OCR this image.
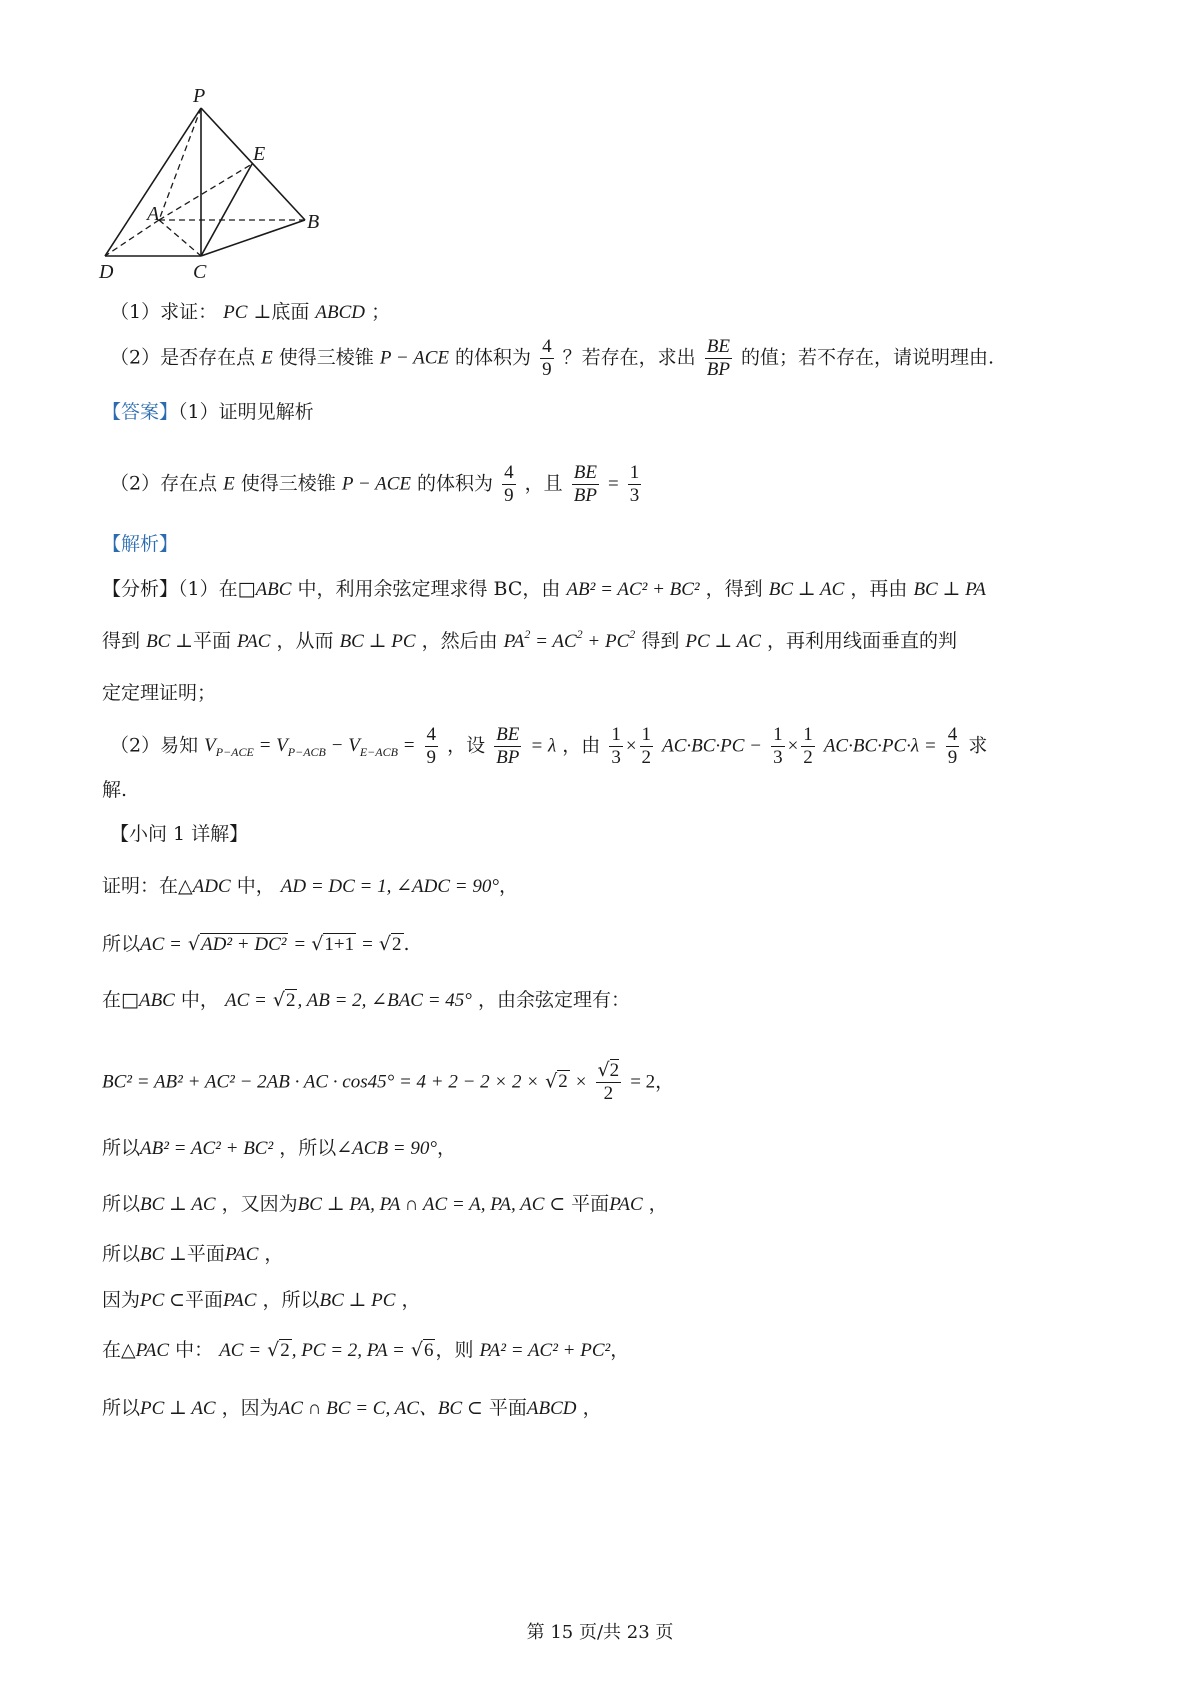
P
E
A	B
D	C
（1）求证： PC ⊥底面 ABCD ；
（2）是否存在点 E 使得三棱锥 P − ACE 的体积为 $\frac{4}{9}$ ？若存在，求出 $\frac{BE}{BP}$ 的值；若不存在，请说明理由.
【答案】（1）证明见解析
（2）存在点 E 使得三棱锥 P − ACE 的体积为 $\frac{4}{9}$ ，且 $\frac{BE}{BP} = \frac{1}{3}$
【解析】
【分析】（1）在□ABC 中，利用余弦定理求得 BC，由 AB² = AC² + BC² ，得到 BC ⊥ AC ，再由 BC ⊥ PA
得到 BC ⊥平面 PAC ，从而 BC ⊥ PC ，然后由 $PA^2 = AC^2 + PC^2$ 得到 PC ⊥ AC ，再利用线面垂直的判
定定理证明；
（2）易知 $V_{P-ACE} = V_{P-ACB} - V_{E-ACB} = \frac{4}{9}$ ，设 $\frac{BE}{BP} = \lambda$ ，由 $\frac{1}{3} \times \frac{1}{2} AC\cdot BC\cdot PC - \frac{1}{3} \times \frac{1}{2} AC\cdot BC\cdot PC\cdot\lambda = \frac{4}{9}$ 求
解.
【小问 1 详解】
证明：在△ADC 中， AD = DC = 1, ∠ADC = 90°，
所以AC = √AD² + DC² = √1+1 = √2 .
在□ABC 中， AC = √2 , AB = 2, ∠BAC = 45° ，由余弦定理有：
BC² = AB² + AC² − 2AB · AC · $\cos 45^\circ = 4 + 2 - 2 \times 2 \times √2 \times \frac{√2}{2} = 2$，
所以AB² = AC² + BC² ，所以∠ACB = 90°，
所以BC ⊥ AC ，又因为BC ⊥ PA, PA ∩ AC = A, PA, AC ⊂ 平面PAC ，
所以BC ⊥平面PAC ，
因为PC ⊂平面PAC ，所以BC ⊥ PC ，
在△PAC 中： AC = √2 , PC = 2, PA = √6 ，则 PA² = AC² + PC²，
所以PC ⊥ AC ，因为AC ∩ BC = C, AC、BC ⊂ 平面ABCD ，
第 15 页/共 23 页
